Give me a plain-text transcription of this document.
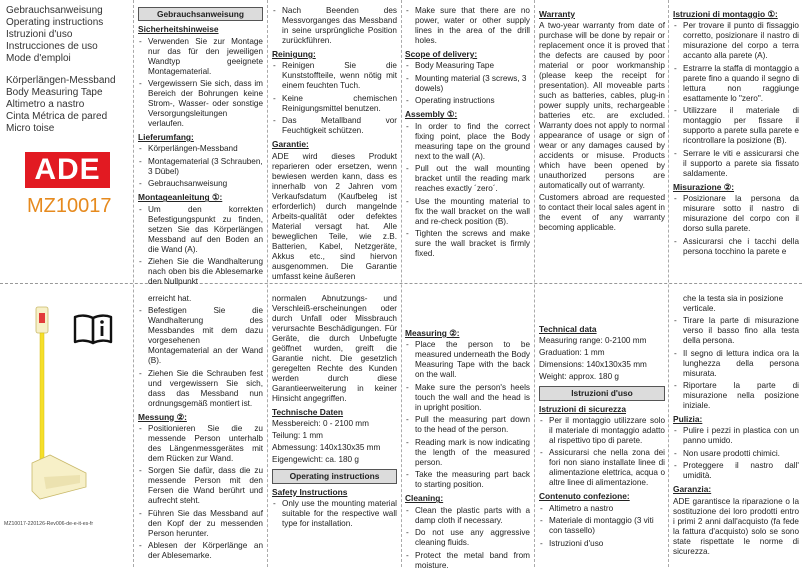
Gebrauchsanweisung

Operating instructions

Istruzioni d'uso

Instrucciones de uso

Mode d'emploi

Körperlängen-Messband

Body Measuring Tape

Altimetro a nastro

Cinta Métrica de pared

Micro toise

ADE
MZ10017
Gebrauchsanweisung
Sicherheitshinweise
- Verwenden Sie zur Montage nur das für den jeweiligen Wandtyp geeignete Montagematerial.
- Vergewissern Sie sich, dass im Bereich der Bohrungen keine Strom-, Wasser- oder sonstige Versorgungsleitungen verlaufen.
Lieferumfang:
- Körperlängen-Messband
- Montagematerial (3 Schrauben, 3 Dübel)
- Gebrauchsanweisung
Montageanleitung ①:
- Um den korrekten Befestigungspunkt zu finden, setzen Sie das Körperlängen Messband auf den Boden an die Wand (A).
- Ziehen Sie die Wandhalterung nach oben bis die Ablesemarke den Nullpunkt
- Nach Beenden des Messvorganges das Messband in seine ursprüngliche Position zurückführen.
Reinigung:
- Reinigen Sie die Kunststoffteile, wenn nötig mit einem feuchten Tuch.
- Keine chemischen Reinigungsmittel benutzen.
- Das Metallband vor Feuchtigkeit schützen.
Garantie:

ADE wird dieses Produkt reparieren oder ersetzen, wenn bewiesen werden kann, dass es innerhalb von 2 Jahren vom Verkaufsdatum (Kaufbeleg ist erforderlich) durch mangelnde Arbeits-qualität oder defektes Material versagt hat. Alle beweglichen Teile, wie z.B. Batterien, Kabel, Netzgeräte, Akkus etc., sind hiervon ausgenommen. Die Garantie umfasst keine äußeren

- Make sure that there are no power, water or other supply lines in the area of the drill holes.
Scope of delivery:
- Body Measuring Tape
- Mounting material (3 screws, 3 dowels)
- Operating instructions
Assembly ①:
- In order to find the correct fixing point, place the Body measuring tape on the ground next to the wall (A).
- Pull out the wall mounting bracket until the reading mark reaches exactly ´zero´.
- Use the mounting material to fix the wall bracket on the wall and re-check position (B).
- Tighten the screws and make sure the wall bracket is firmly fixed.
Warranty

A two-year warranty from date of purchase will be done by repair or replacement once it is proved that the defects are caused by poor material or poor workmanship (please keep the receipt for presentation). All moveable parts such as batteries, cables, plug-in power supply units, rechargeable batteries etc. are excluded. Warranty does not apply to normal appearance of usage or sign of wear or any damages caused by accidents or misuse. Products which have been opened by unauthorized persons are automatically out of warranty.

Customers abroad are requested to contact their local sales agent in the event of any warranty becoming applicable.

Istruzioni di montaggio ①:
- Per trovare il punto di fissaggio corretto, posizionare il nastro di misurazione del corpo a terra accanto alla parete (A).
- Estrarre la staffa di montaggio a parete fino a quando il segno di lettura non raggiunge esattamente lo "zero".
- Utilizzare il materiale di montaggio per fissare il supporto a parete sulla parete e ricontrollare la posizione (B).
- Serrare le viti e assicurarsi che il supporto a parete sia fissato saldamente.
Misurazione ②:
- Posizionare la persona da misurare sotto il nastro di misurazione del corpo con il dorso sulla parete.
- Assicurarsi che i tacchi della persona tocchino la parete e
MZ10017-220126-Rev006-de-e-it-es-fr

erreicht hat.

- Befestigen Sie die Wandhalterung des Messbandes mit dem dazu vorgesehenen Montagematerial an der Wand (B).
- Ziehen Sie die Schrauben fest und vergewissern Sie sich, dass das Messband nun ordnungsgemäß montiert ist.
Messung ②:
- Positionieren Sie die zu messende Person unterhalb des Längenmessgerätes mit dem Rücken zur Wand.
- Sorgen Sie dafür, dass die zu messende Person mit den Fersen die Wand berührt und aufrecht steht.
- Führen Sie das Messband auf den Kopf der zu messenden Person herunter.
- Ablesen der Körperlänge an der Ablesemarke.

normalen Abnutzungs- und Verschleiß-erscheinungen oder durch Unfall oder Missbrauch verursachte Beschädigungen. Für Geräte, die durch Unbefugte geöffnet wurden, greift die Garantie nicht. Die gesetzlich geregelten Rechte des Kunden werden durch diese Garantieerweiterung in keiner Hinsicht angegriffen.

Technische Daten

Messbereich: 0 - 2100 mm

Teilung: 1 mm

Abmessung: 140x130x35 mm

Eigengewicht: ca. 180 g

Operating instructions
Safety Instructions
- Only use the mounting material suitable for the respective wall type for installation.
Measuring ②:
- Place the person to be measured underneath the Body Measuring Tape with the back on the wall.
- Make sure the person's heels touch the wall and the head is in upright position.
- Pull the measuring part down to the head of the person.
- Reading mark is now indicating the length of the measured person.
- Take the measuring part back to starting position.
Cleaning:
- Clean the plastic parts with a damp cloth if necessary.
- Do not use any aggressive cleaning fluids.
- Protect the metal band from moisture.
Technical data

Measuring range: 0-2100 mm

Graduation: 1 mm

Dimensions: 140x130x35 mm

Weight: approx. 180 g

Istruzioni d'uso
Istruzioni di sicurezza
- Per il montaggio utilizzare solo il materiale di montaggio adatto al rispettivo tipo di parete.
- Assicurarsi che nella zona dei fori non siano installate linee di alimentazione elettrica, acqua o altre linee di alimentazione.
Contenuto confezione:
- Altimetro a nastro
- Materiale di montaggio (3 viti con tassello)
- Istruzioni d'uso

che la testa sia in posizione verticale.

- Tirare la parte di misurazione verso il basso fino alla testa della persona.
- Il segno di lettura indica ora la lunghezza della persona misurata.
- Riportare la parte di misurazione nella posizione iniziale.
Pulizia:
- Pulire i pezzi in plastica con un panno umido.
- Non usare prodotti chimici.
- Proteggere il nastro dall' umidità.
Garanzia:

ADE garantisce la riparazione o la sostituzione dei loro prodotti entro i primi 2 anni dall'acquisto (fa fede la fattura d'acquisto) solo se sono state rispettate le norme di sicurezza.
